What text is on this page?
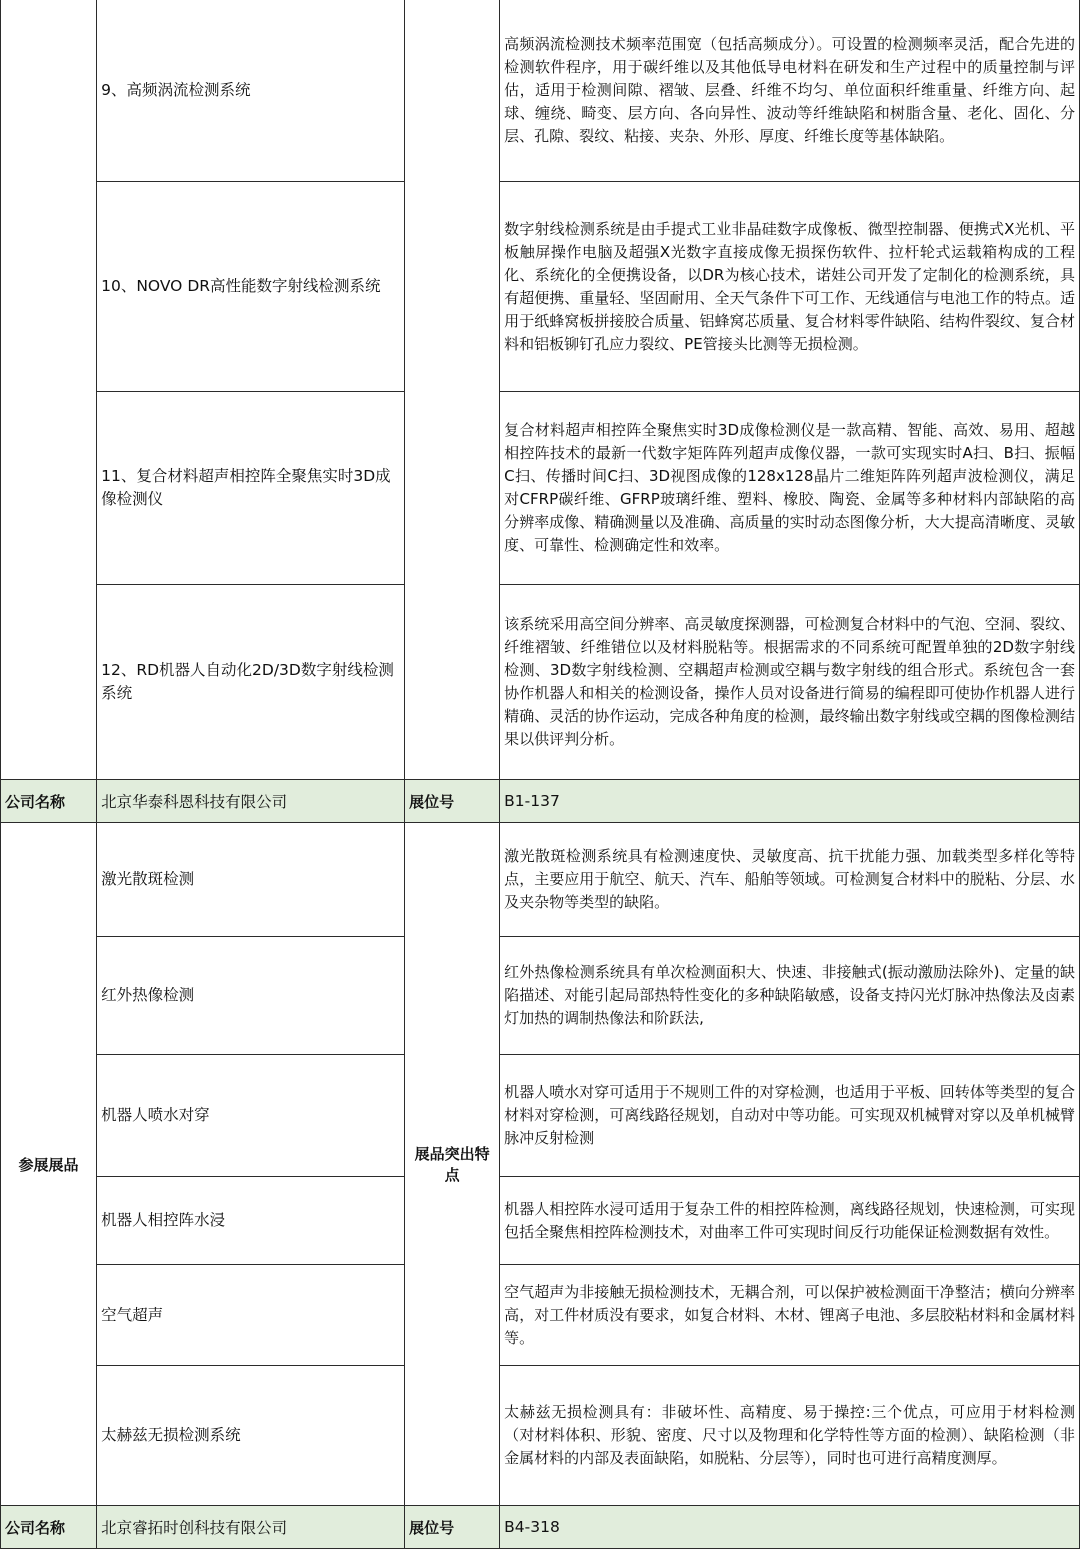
	9、高频涡流检测系统		高频涡流检测技术频率范围宽（包括高频成分）。可设置的检测频率灵活，配合先进的检测软件程序，用于碳纤维以及其他低导电材料在研发和生产过程中的质量控制与评估，适用于检测间隙、褶皱、层叠、纤维不均匀、单位面积纤维重量、纤维方向、起球、缠绕、畸变、层方向、各向异性、波动等纤维缺陷和树脂含量、老化、固化、分层、孔隙、裂纹、粘接、夹杂、外形、厚度、纤维长度等基体缺陷。
	10、NOVO DR高性能数字射线检测系统		数字射线检测系统是由手提式工业非晶硅数字成像板、微型控制器、便携式X光机、平板触屏操作电脑及超强X光数字直接成像无损探伤软件、拉杆轮式运载箱构成的工程化、系统化的全便携设备，以DR为核心技术，诺娃公司开发了定制化的检测系统，具有超便携、重量轻、坚固耐用、全天气条件下可工作、无线通信与电池工作的特点。适用于纸蜂窝板拼接胶合质量、铝蜂窝芯质量、复合材料零件缺陷、结构件裂纹、复合材料和铝板铆钉孔应力裂纹、PE管接头比测等无损检测。
	11、复合材料超声相控阵全聚焦实时3D成像检测仪		复合材料超声相控阵全聚焦实时3D成像检测仪是一款高精、智能、高效、易用、超越相控阵技术的最新一代数字矩阵阵列超声成像仪器，一款可实现实时A扫、B扫、振幅C扫、传播时间C扫、3D视图成像的128x128晶片二维矩阵阵列超声波检测仪，满足对CFRP碳纤维、GFRP玻璃纤维、塑料、橡胶、陶瓷、金属等多种材料内部缺陷的高分辨率成像、精确测量以及准确、高质量的实时动态图像分析，大大提高清晰度、灵敏度、可靠性、检测确定性和效率。
	12、RD机器人自动化2D/3D数字射线检测系统		该系统采用高空间分辨率、高灵敏度探测器，可检测复合材料中的气泡、空洞、裂纹、纤维褶皱、纤维错位以及材料脱粘等。根据需求的不同系统可配置单独的2D数字射线检测、3D数字射线检测、空耦超声检测或空耦与数字射线的组合形式。系统包含一套协作机器人和相关的检测设备，操作人员对设备进行简易的编程即可使协作机器人进行精确、灵活的协作运动，完成各种角度的检测，最终输出数字射线或空耦的图像检测结果以供评判分析。
公司名称	北京华泰科恩科技有限公司	展位号	B1-137
参展展品	激光散斑检测	展品突出特点	激光散斑检测系统具有检测速度快、灵敏度高、抗干扰能力强、加载类型多样化等特点，主要应用于航空、航天、汽车、船舶等领域。可检测复合材料中的脱粘、分层、水及夹杂物等类型的缺陷。
	红外热像检测		红外热像检测系统具有单次检测面积大、快速、非接触式(振动激励法除外)、定量的缺陷描述、对能引起局部热特性变化的多种缺陷敏感，设备支持闪光灯脉冲热像法及卤素灯加热的调制热像法和阶跃法,
	机器人喷水对穿		机器人喷水对穿可适用于不规则工件的对穿检测，也适用于平板、回转体等类型的复合材料对穿检测，可离线路径规划，自动对中等功能。可实现双机械臂对穿以及单机械臂脉冲反射检测
	机器人相控阵水浸		机器人相控阵水浸可适用于复杂工件的相控阵检测，离线路径规划，快速检测，可实现包括全聚焦相控阵检测技术，对曲率工件可实现时间反行功能保证检测数据有效性。
	空气超声		空气超声为非接触无损检测技术，无耦合剂，可以保护被检测面干净整洁；横向分辨率高，对工件材质没有要求，如复合材料、木材、锂离子电池、多层胶粘材料和金属材料等。
	太赫兹无损检测系统		太赫兹无损检测具有：非破坏性、高精度、易于操控:三个优点，可应用于材料检测（对材料体积、形貌、密度、尺寸以及物理和化学特性等方面的检测）、缺陷检测（非金属材料的内部及表面缺陷，如脱粘、分层等），同时也可进行高精度测厚。
公司名称	北京睿拓时创科技有限公司	展位号	B4-318
